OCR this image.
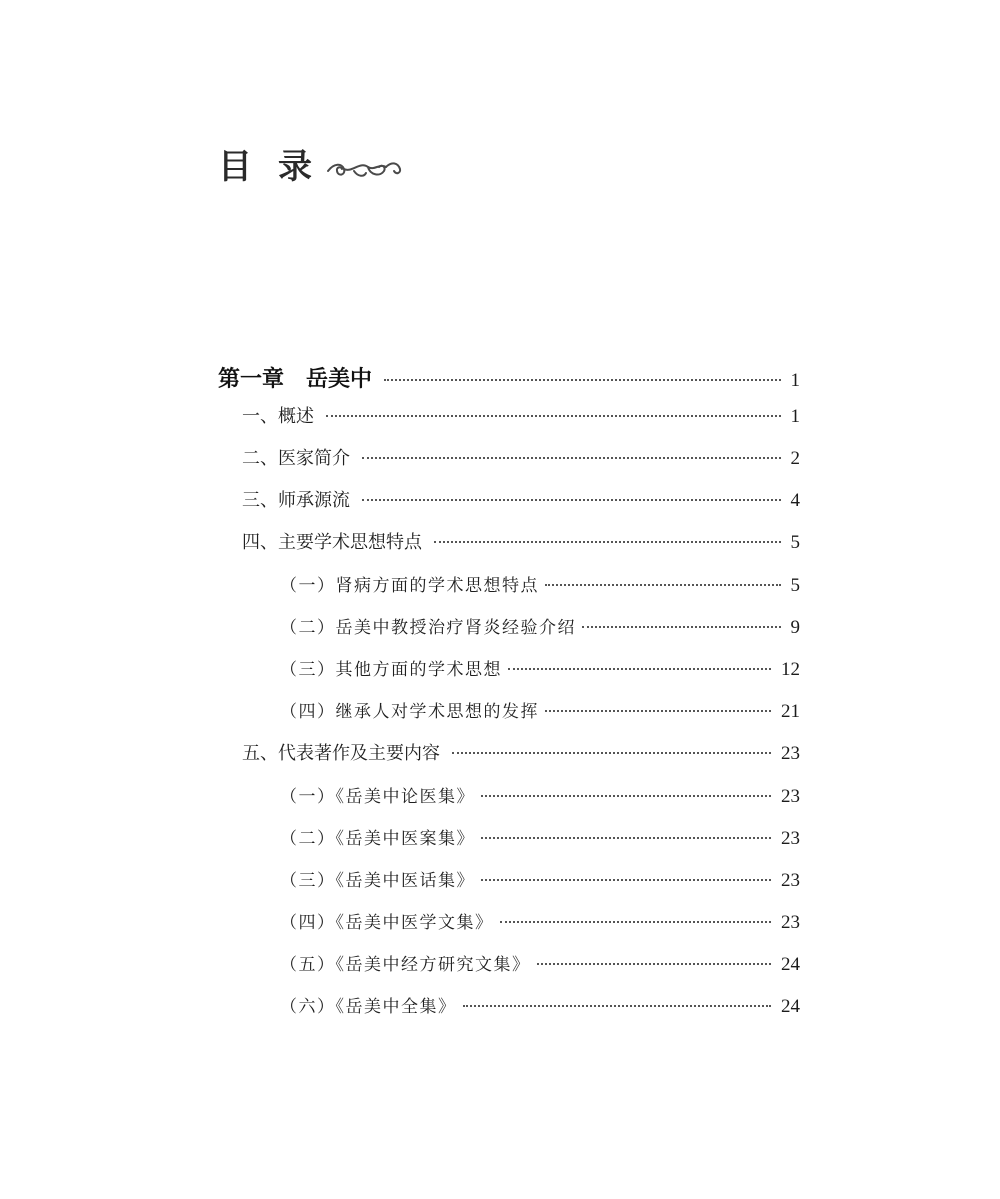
目录
第一章　岳美中	1
一、概述	1
二、医家简介	2
三、师承源流	4
四、主要学术思想特点	5
（一）肾病方面的学术思想特点	5
（二）岳美中教授治疗肾炎经验介绍	9
（三）其他方面的学术思想	12
（四）继承人对学术思想的发挥	21
五、代表著作及主要内容	23
（一）《岳美中论医集》	23
（二）《岳美中医案集》	23
（三）《岳美中医话集》	23
（四）《岳美中医学文集》	23
（五）《岳美中经方研究文集》	24
（六）《岳美中全集》	24
